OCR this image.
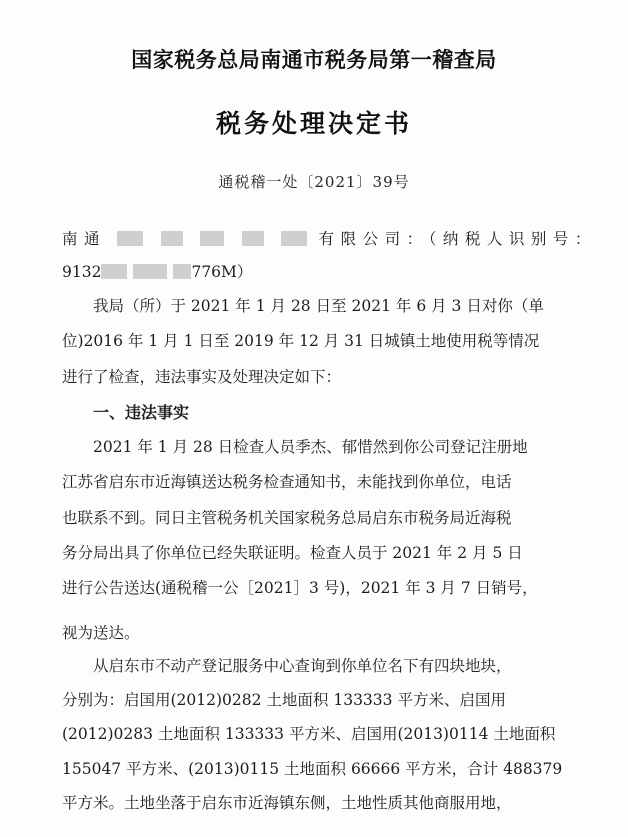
国家税务总局南通市税务局第一稽查局
税务处理决定书
通税稽一处〔2021〕39号
南通	有限公司：（纳税人识别号：
9132	776M）
我局（所）于 2021 年 1 月 28 日至 2021 年 6 月 3 日对你（单
位)2016 年 1 月 1 日至 2019 年 12 月 31 日城镇土地使用税等情况
进行了检查，违法事实及处理决定如下：
一、违法事实
2021 年 1 月 28 日检查人员季杰、郁惜然到你公司登记注册地
江苏省启东市近海镇送达税务检查通知书，未能找到你单位，电话
也联系不到。同日主管税务机关国家税务总局启东市税务局近海税
务分局出具了你单位已经失联证明。检查人员于 2021 年 2 月 5 日
进行公告送达(通税稽一公［2021］3 号)，2021 年 3 月 7 日销号，
视为送达。
从启东市不动产登记服务中心查询到你单位名下有四块地块，
分别为：启国用(2012)0282 土地面积 133333 平方米、启国用
(2012)0283 土地面积 133333 平方米、启国用(2013)0114 土地面积
155047 平方米、(2013)0115 土地面积 66666 平方米，合计 488379
平方米。土地坐落于启东市近海镇东侧，土地性质其他商服用地，
